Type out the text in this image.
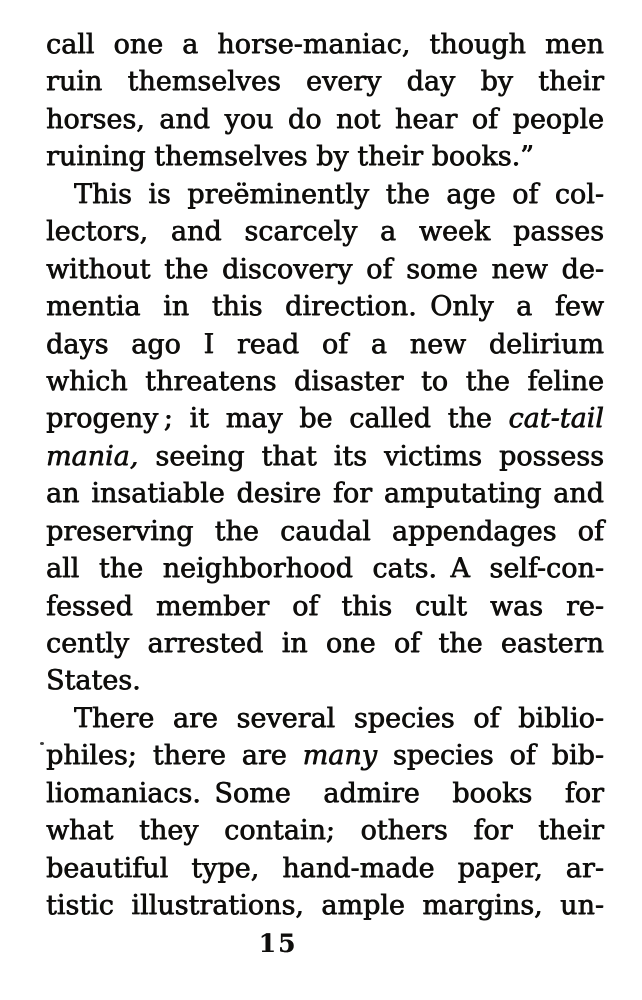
call one a horse-maniac, though men
ruin themselves every day by their
horses, and you do not hear of people
ruining themselves by their books.”
This is preëminently the age of col-
lectors, and scarcely a week passes
without the discovery of some new de-
mentia in this direction. Only a few
days ago I read of a new delirium
which threatens disaster to the feline
progeny ; it may be called the cat-tail
mania, seeing that its victims possess
an insatiable desire for amputating and
preserving the caudal appendages of
all the neighborhood cats. A self-con-
fessed member of this cult was re-
cently arrested in one of the eastern
States.
There are several species of biblio-
philes; there are many species of bib-
liomaniacs. Some admire books for
what they contain; others for their
beautiful type, hand-made paper, ar-
tistic illustrations, ample margins, un-
15
